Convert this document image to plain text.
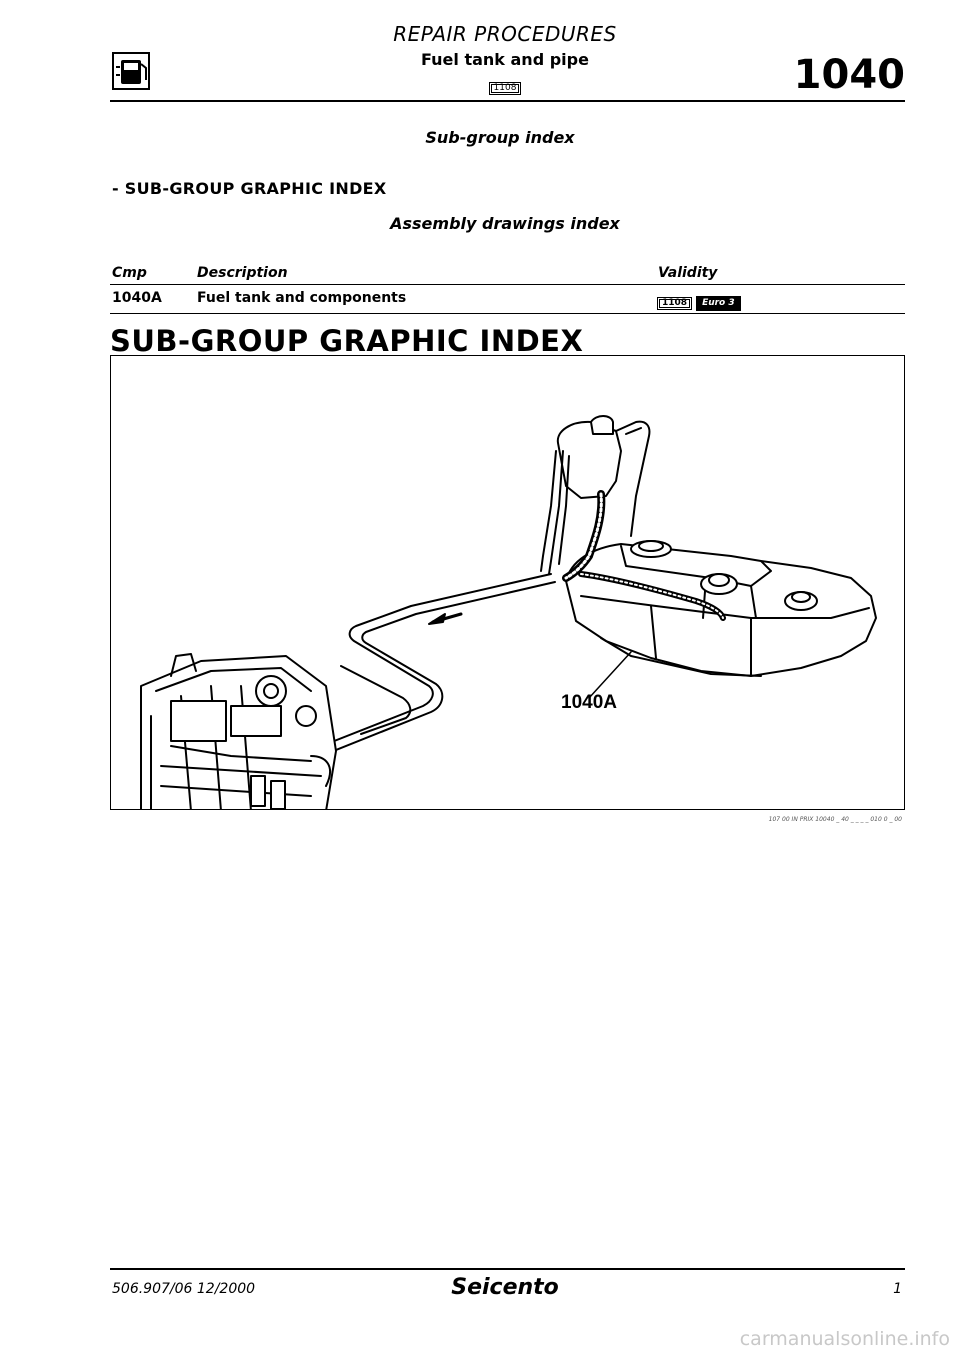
REPAIR PROCEDURES
Fuel tank and pipe
1108	1040
Sub-group index
- SUB-GROUP GRAPHIC INDEX
Assembly drawings index
Cmp	Description	Validity
1040A	Fuel tank and components	1108 Euro 3
SUB-GROUP GRAPHIC INDEX
1040A
107 00 IN PRIX 10040 _ 40 _ _ _ _ 010 0 _ 00
506.907/06 12/2000	Seicento	1
carmanualsonline.info
